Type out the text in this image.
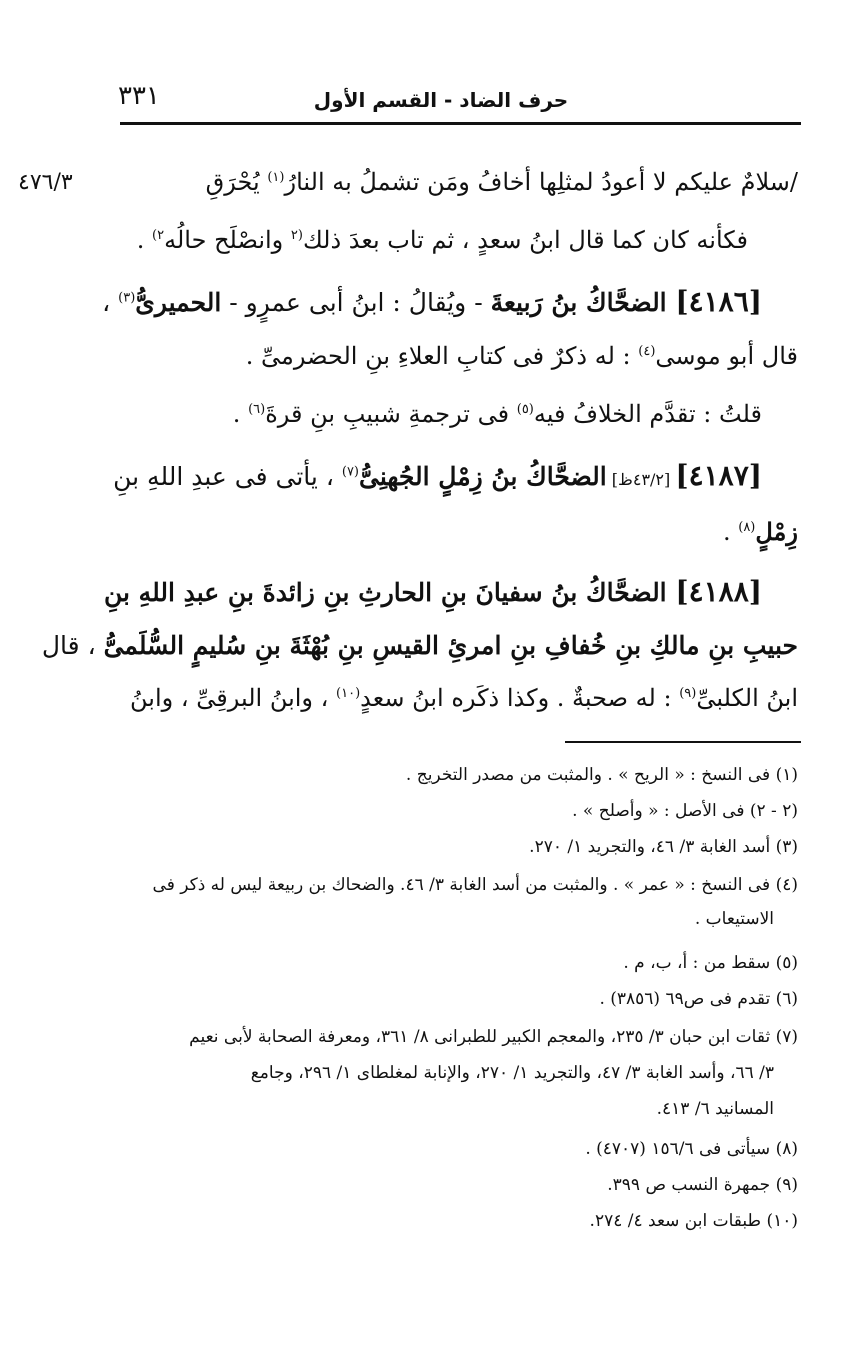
حرف الضاد - القسم الأول
٣٣١
٤٧٦/٣	/سلامٌ عليكم لا أعودُ لمثلِها أخافُ ومَن تشملُ به النارُ$^{(١)}$ يُحْرَقِ
فكأنه كان كما قال ابنُ سعدٍ ، ثم تاب بعدَ ذلك$^{(٢}$ وانصْلَح حالُه$^{٢)}$ .
[٤١٨٦] الضحَّاكُ بنُ رَبيعةَ - ويُقالُ : ابنُ أبى عمرٍو - الحميرىُّ$^{(٣)}$ ،
قال أبو موسى$^{(٤)}$ : له ذكرٌ فى كتابِ العلاءِ بنِ الحضرمىِّ .
قلتُ : تقدَّم الخلافُ فيه$^{(٥)}$ فى ترجمةِ شبيبِ بنِ قرةَ$^{(٦)}$ .
[٤١٨٧] [٤٣/٢ظ] الضحَّاكُ بنُ زِمْلٍ الجُهنِىُّ$^{(٧)}$ ، يأتى فى عبدِ اللهِ بنِ
زِمْلٍ$^{(٨)}$ .
[٤١٨٨] الضحَّاكُ بنُ سفيانَ بنِ الحارثِ بنِ زائدةَ بنِ عبدِ اللهِ بنِ
حبيبِ بنِ مالكِ بنِ خُفافِ بنِ امرئِ القيسِ بنِ بُهْثَةَ بنِ سُليمٍ السُّلَمىُّ ، قال
ابنُ الكلبىِّ$^{(٩)}$ : له صحبةٌ . وكذا ذكَره ابنُ سعدٍ$^{(١٠)}$ ، وابنُ البرقِىِّ ، وابنُ
(١) فى النسخ : « الريح » . والمثبت من مصدر التخريج .
(٢ - ٢) فى الأصل : « وأصلح » .
(٣) أسد الغابة ٣/ ٤٦، والتجريد ١/ ٢٧٠.
(٤) فى النسخ : « عمر » . والمثبت من أسد الغابة ٣/ ٤٦. والضحاك بن ربيعة ليس له ذكر فى
الاستيعاب .
(٥) سقط من : أ، ب، م .
(٦) تقدم فى ص٦٩ (٣٨٥٦) .
(٧) ثقات ابن حبان ٣/ ٢٣٥، والمعجم الكبير للطبرانى ٨/ ٣٦١، ومعرفة الصحابة لأبى نعيم
٣/ ٦٦، وأسد الغابة ٣/ ٤٧، والتجريد ١/ ٢٧٠، والإنابة لمغلطاى ١/ ٢٩٦، وجامع
المسانيد ٦/ ٤١٣.
(٨) سيأتى فى ١٥٦/٦ (٤٧٠٧) .
(٩) جمهرة النسب ص ٣٩٩.
(١٠) طبقات ابن سعد ٤/ ٢٧٤.
